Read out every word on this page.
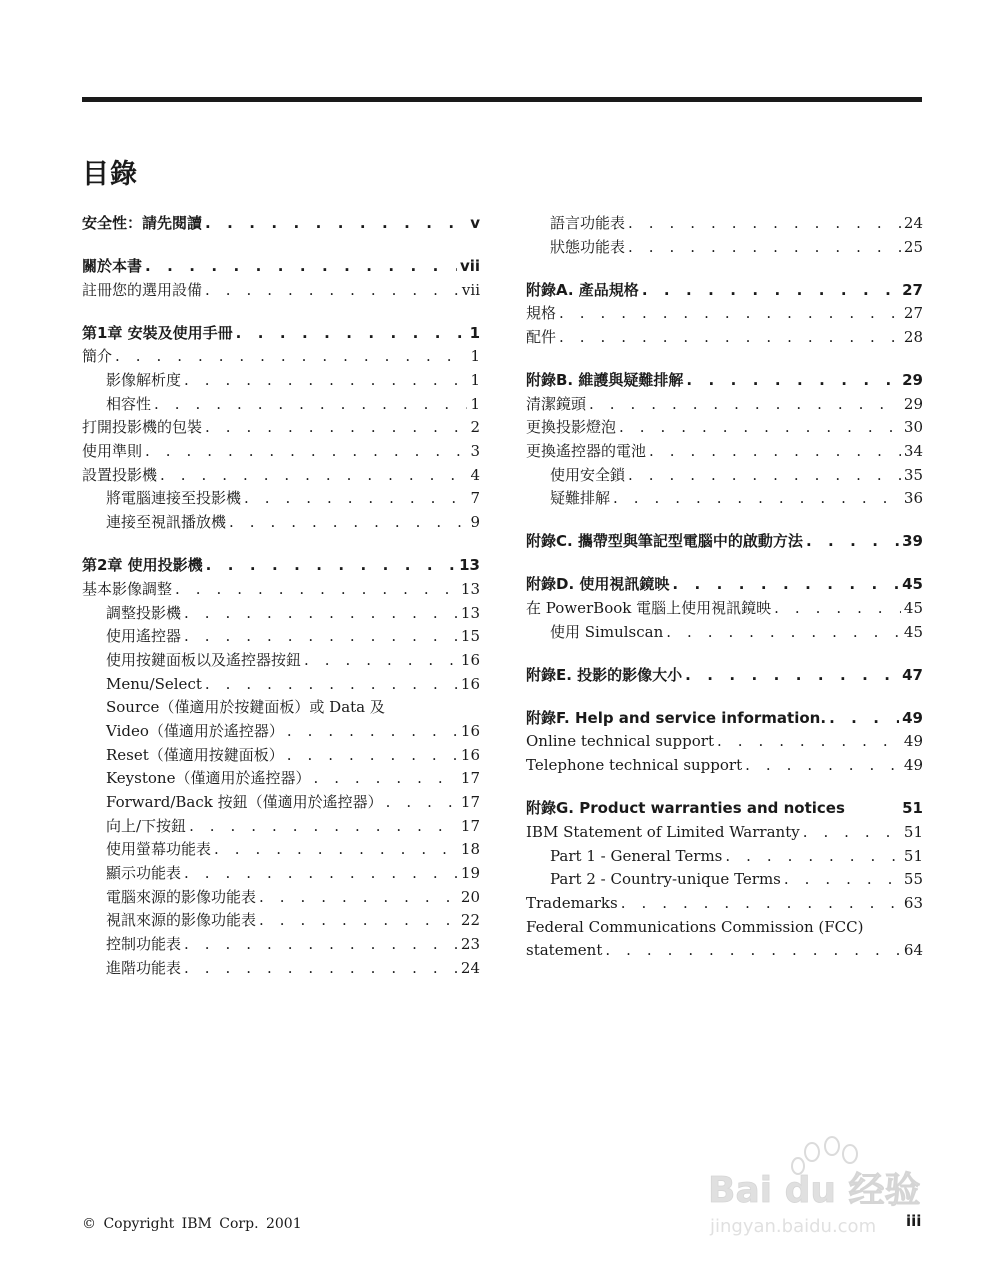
目錄
安全性：請先閱讀 . . .	v
關於本書 . . .	vii
註冊您的選用設備 . . .	vii
第1章 安裝及使用手冊 . . .	1
簡介 . . .	1
影像解析度 . . .	1
相容性 . . .	1
打開投影機的包裝 . . .	2
使用準則 . . .	3
設置投影機 . . .	4
將電腦連接至投影機 . . .	7
連接至視訊播放機 . . .	9
第2章 使用投影機 . . .	13
基本影像調整 . . .	13
調整投影機 . . .	13
使用遙控器 . . .	15
使用按鍵面板以及遙控器按鈕 . . .	16
Menu/Select . . .	16
Source（僅適用於按鍵面板）或 Data 及
Video（僅適用於遙控器） . . .	16
Reset（僅適用按鍵面板） . . .	16
Keystone（僅適用於遙控器） . . .	17
Forward/Back 按鈕（僅適用於遙控器） . . .	17
向上/下按鈕 . . .	17
使用螢幕功能表 . . .	18
顯示功能表 . . .	19
電腦來源的影像功能表 . . .	20
視訊來源的影像功能表 . . .	22
控制功能表 . . .	23
進階功能表 . . .	24
語言功能表 . . .	24
狀態功能表 . . .	25
附錄A. 產品規格 . . .	27
規格 . . .	27
配件 . . .	28
附錄B. 維護與疑難排解 . . .	29
清潔鏡頭 . . .	29
更換投影燈泡 . . .	30
更換遙控器的電池 . . .	34
使用安全鎖 . . .	35
疑難排解 . . .	36
附錄C. 攜帶型與筆記型電腦中的啟動方法 . . .	39
附錄D. 使用視訊鏡映 . . .	45
在 PowerBook 電腦上使用視訊鏡映 . . .	45
使用 Simulscan . . .	45
附錄E. 投影的影像大小 . . .	47
附錄F. Help and service information. . . .	49
Online technical support . . .	49
Telephone technical support . . .	49
附錄G. Product warranties and notices	51
IBM Statement of Limited Warranty . . .	51
Part 1 - General Terms . . .	51
Part 2 - Country-unique Terms . . .	55
Trademarks . . .	63
Federal Communications Commission (FCC)
statement . . .	64
© Copyright IBM Corp. 2001	iii
Bai du 经验
jingyan.baidu.com
